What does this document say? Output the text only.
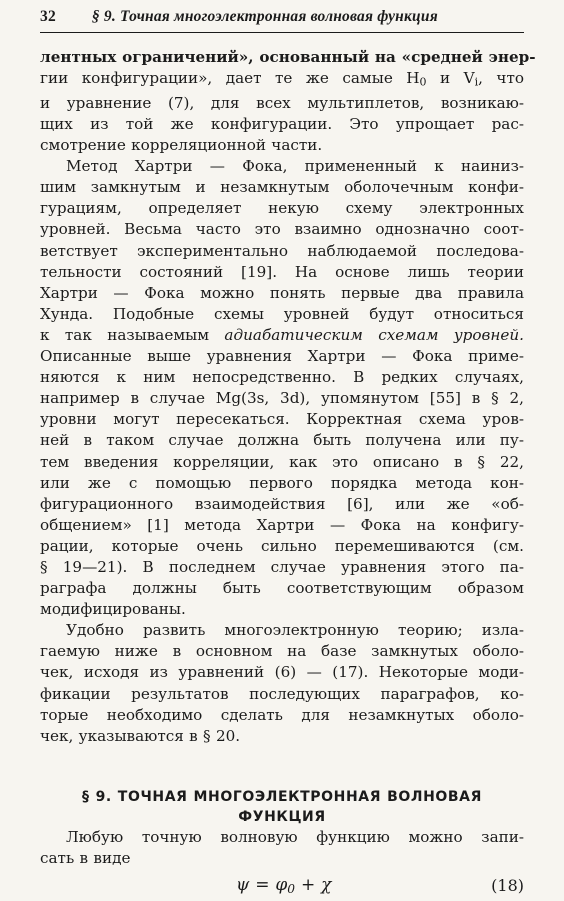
32 § 9. Точная многоэлектронная волновая функция

лентных ограничений», основанный на «средней энер-
гии конфигурации», дает те же самые $H_0$ и $V_i$, что
и уравнение (7), для всех мультиплетов, возникаю-
щих из той же конфигурации. Это упрощает рас-
смотрение корреляционной части.

Метод Хартри — Фока, примененный к наиниз-
шим замкнутым и незамкнутым оболочечным конфи-
гурациям, определяет некую схему электронных
уровней. Весьма часто это взаимно однозначно соот-
ветствует экспериментально наблюдаемой последова-
тельности состояний [19]. На основе лишь теории
Хартри — Фока можно понять первые два правила
Хунда. Подобные схемы уровней будут относиться
к так называемым адиабатическим схемам уровней.
Описанные выше уравнения Хартри — Фока приме-
няются к ним непосредственно. В редких случаях,
например в случае Mg(3s, 3d), упомянутом [55] в § 2,
уровни могут пересекаться. Корректная схема уров-
ней в таком случае должна быть получена или пу-
тем введения корреляции, как это описано в § 22,
или же с помощью первого порядка метода кон-
фигурационного взаимодействия [6], или же «об-
общением» [1] метода Хартри — Фока на конфигу-
рации, которые очень сильно перемешиваются (см.
§ 19—21). В последнем случае уравнения этого па-
раграфа должны быть соответствующим образом
модифицированы.

Удобно развить многоэлектронную теорию; изла-
гаемую ниже в основном на базе замкнутых оболо-
чек, исходя из уравнений (6) — (17). Некоторые моди-
фикации результатов последующих параграфов, ко-
торые необходимо сделать для незамкнутых оболо-
чек, указываются в § 20.

§ 9. ТОЧНАЯ МНОГОЭЛЕКТРОННАЯ ВОЛНОВАЯ
ФУНКЦИЯ

Любую точную волновую функцию можно запи-
сать в виде

$\psi = \varphi_0 + \chi$	(18)
